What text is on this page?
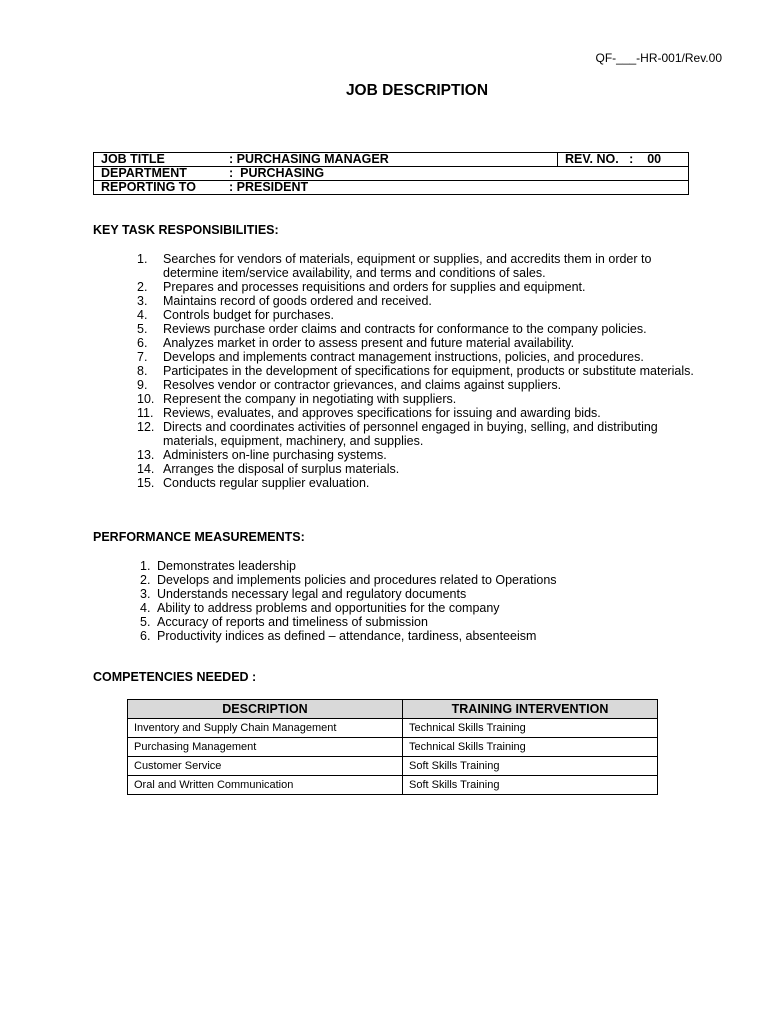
QF-___-HR-001/Rev.00
JOB DESCRIPTION
JOB TITLE	: PURCHASING MANAGER	REV. NO.   :    00
DEPARTMENT	:  PURCHASING
REPORTING TO	: PRESIDENT
KEY TASK RESPONSIBILITIES:
1.	Searches for vendors of materials, equipment or supplies, and accredits them in order to determine item/service availability, and terms and conditions of sales.
2.	Prepares and processes requisitions and orders for supplies and equipment.
3.	Maintains record of goods ordered and received.
4.	Controls budget for purchases.
5.	Reviews purchase order claims and contracts for conformance to the company policies.
6.	Analyzes market in order to assess present and future material availability.
7.	Develops and implements contract management instructions, policies, and procedures.
8.	Participates in the development of specifications for equipment, products or substitute materials.
9.	Resolves vendor or contractor grievances, and claims against suppliers.
10. Represent the company in negotiating with suppliers.
11. Reviews, evaluates, and approves specifications for issuing and awarding bids.
12. Directs and coordinates activities of personnel engaged in buying, selling, and distributing materials, equipment, machinery, and supplies.
13. Administers on-line purchasing systems.
14. Arranges the disposal of surplus materials.
15. Conducts regular supplier evaluation.
PERFORMANCE MEASUREMENTS:
1. Demonstrates leadership
2. Develops and implements policies and procedures related to Operations
3. Understands necessary legal and regulatory documents
4. Ability to address problems and opportunities for the company
5. Accuracy of reports and timeliness of submission
6. Productivity indices as defined – attendance, tardiness, absenteeism
COMPETENCIES NEEDED :
DESCRIPTION	TRAINING INTERVENTION
Inventory and Supply Chain Management	Technical Skills Training
Purchasing Management	Technical Skills Training
Customer Service	Soft Skills Training
Oral and Written Communication	Soft Skills Training
